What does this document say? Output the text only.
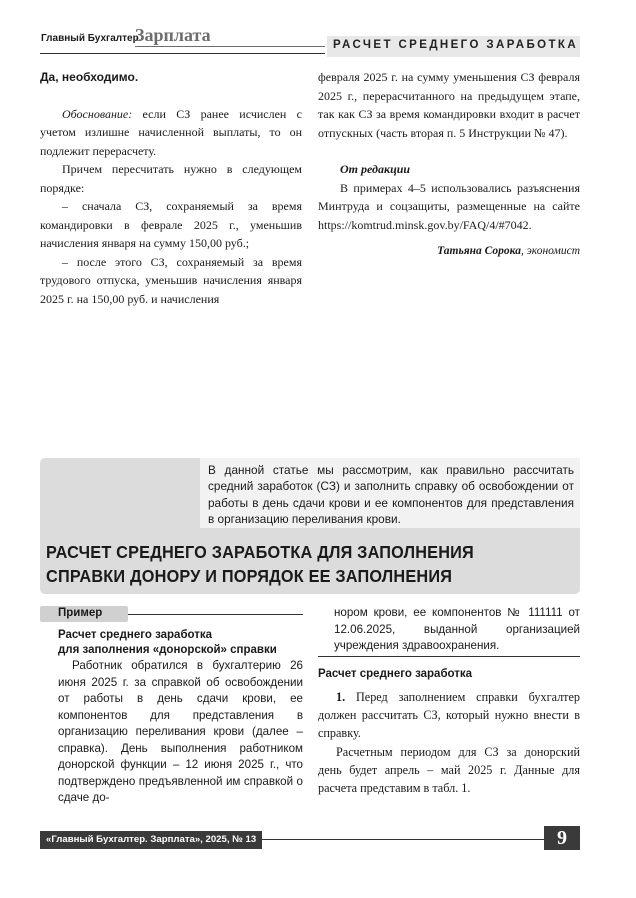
Главный Бухгалтер.
Зарплата	РАСЧЕТ СРЕДНЕГО ЗАРАБОТКА

Да, необходимо.

Обоснование: если СЗ ранее исчислен с учетом излишне начисленной выплаты, то он подлежит перерасчету.

Причем пересчитать нужно в следующем порядке:

– сначала СЗ, сохраняемый за время командировки в феврале 2025 г., уменьшив начисления января на сумму 150,00 руб.;

– после этого СЗ, сохраняемый за время трудового отпуска, уменьшив начисления января 2025 г. на 150,00 руб. и начисления

февраля 2025 г. на сумму уменьшения СЗ февраля 2025 г., перерасчитанного на предыдущем этапе, так как СЗ за время командировки входит в расчет отпускных (часть вторая п. 5 Инструкции № 47).

От редакции

В примерах 4–5 использовались разъяснения Минтруда и соцзащиты, размещенные на сайте https://komtrud.minsk.gov.by/FAQ/4/#7042.

Татьяна Сорока, экономист

В данной статье мы рассмотрим, как правильно рассчитать средний заработок (СЗ) и заполнить справку об освобождении от работы в день сдачи крови и ее компонентов для представления в организацию переливания крови.
РАСЧЕТ СРЕДНЕГО ЗАРАБОТКА ДЛЯ ЗАПОЛНЕНИЯ СПРАВКИ ДОНОРУ И ПОРЯДОК ЕЕ ЗАПОЛНЕНИЯ
Пример
Расчет среднего заработка
для заполнения «донорской» справки

Работник обратился в бухгалтерию 26 июня 2025 г. за справкой об освобождении от работы в день сдачи крови, ее компонентов для представления в организацию переливания крови (далее – справка). День выполнения работником донорской функции – 12 июня 2025 г., что подтверждено предъявленной им справкой о сдаче до-

нором крови, ее компонентов № 111111 от 12.06.2025, выданной организацией учреждения здравоохранения.
Расчет среднего заработка

1. Перед заполнением справки бухгалтер должен рассчитать СЗ, который нужно внести в справку.

Расчетным периодом для СЗ за донорский день будет апрель – май 2025 г. Данные для расчета представим в табл. 1.

«Главный Бухгалтер. Зарплата», 2025, № 13	9
